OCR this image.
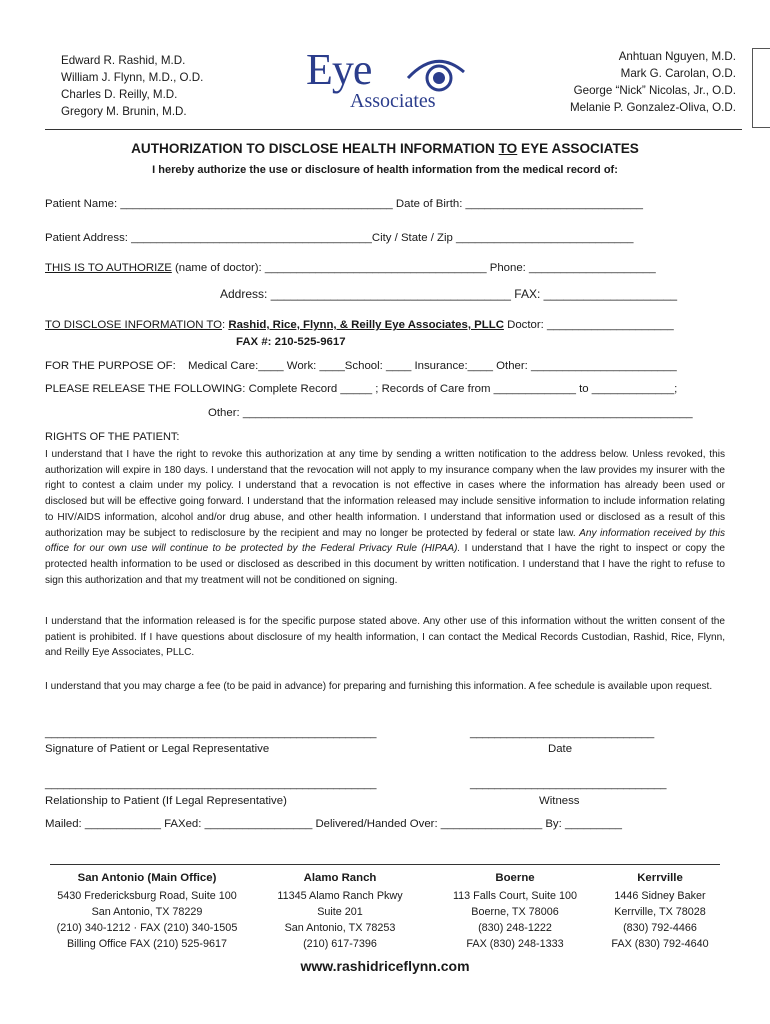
Edward R. Rashid, M.D.
William J. Flynn, M.D., O.D.
Charles D. Reilly, M.D.
Gregory M. Brunin, M.D.
Eye
Associates
Anhtuan Nguyen, M.D.
Mark G. Carolan, O.D.
George “Nick” Nicolas, Jr., O.D.
Melanie P. Gonzalez-Oliva, O.D.
AUTHORIZATION TO DISCLOSE HEALTH INFORMATION TO EYE ASSOCIATES
I hereby authorize the use or disclosure of health information from the medical record of:
Patient Name: ___________________________________________ Date of Birth: ____________________________
Patient Address: ______________________________________City / State / Zip ____________________________
THIS IS TO AUTHORIZE (name of doctor): ___________________________________ Phone: ____________________
Address: ____________________________________ FAX: ____________________
TO DISCLOSE INFORMATION TO: Rashid, Rice, Flynn, & Reilly Eye Associates, PLLC Doctor: ____________________
FAX #: 210-525-9617
FOR THE PURPOSE OF: Medical Care:____ Work: ____School: ____ Insurance:____ Other: _______________________
PLEASE RELEASE THE FOLLOWING: Complete Record _____ ; Records of Care from _____________ to _____________;
Other: _______________________________________________________________________
RIGHTS OF THE PATIENT:
I understand that I have the right to revoke this authorization at any time by sending a written notification to the address below. Unless revoked, this authorization will expire in 180 days. I understand that the revocation will not apply to my insurance company when the law provides my insurer with the right to contest a claim under my policy. I understand that a revocation is not effective in cases where the information has already been used or disclosed but will be effective going forward. I understand that the information released may include sensitive information to include information relating to HIV/AIDS information, alcohol and/or drug abuse, and other health information. I understand that information used or disclosed as a result of this authorization may be subject to redisclosure by the recipient and may no longer be protected by federal or state law. Any information received by this office for our own use will continue to be protected by the Federal Privacy Rule (HIPAA). I understand that I have the right to inspect or copy the protected health information to be used or disclosed as described in this document by written notification. I understand that I have the right to refuse to sign this authorization and that my treatment will not be conditioned on signing.
I understand that the information released is for the specific purpose stated above. Any other use of this information without the written consent of the patient is prohibited. If I have questions about disclosure of my health information, I can contact the Medical Records Custodian, Rashid, Rice, Flynn, and Reilly Eye Associates, PLLC.
I understand that you may charge a fee (to be paid in advance) for preparing and furnishing this information. A fee schedule is available upon request.
______________________________________________________	______________________________
Signature of Patient or Legal Representative	Date
______________________________________________________	________________________________
Relationship to Patient (If Legal Representative)	Witness
Mailed: ____________ FAXed: _________________ Delivered/Handed Over: ________________ By: _________
San Antonio (Main Office)
5430 Fredericksburg Road, Suite 100
San Antonio, TX 78229
(210) 340-1212 · FAX (210) 340-1505
Billing Office FAX (210) 525-9617
Alamo Ranch
11345 Alamo Ranch Pkwy
Suite 201
San Antonio, TX 78253
(210) 617-7396
Boerne
113 Falls Court, Suite 100
Boerne, TX 78006
(830) 248-1222
FAX (830) 248-1333
Kerrville
1446 Sidney Baker
Kerrville, TX 78028
(830) 792-4466
FAX (830) 792-4640
www.rashidriceflynn.com
